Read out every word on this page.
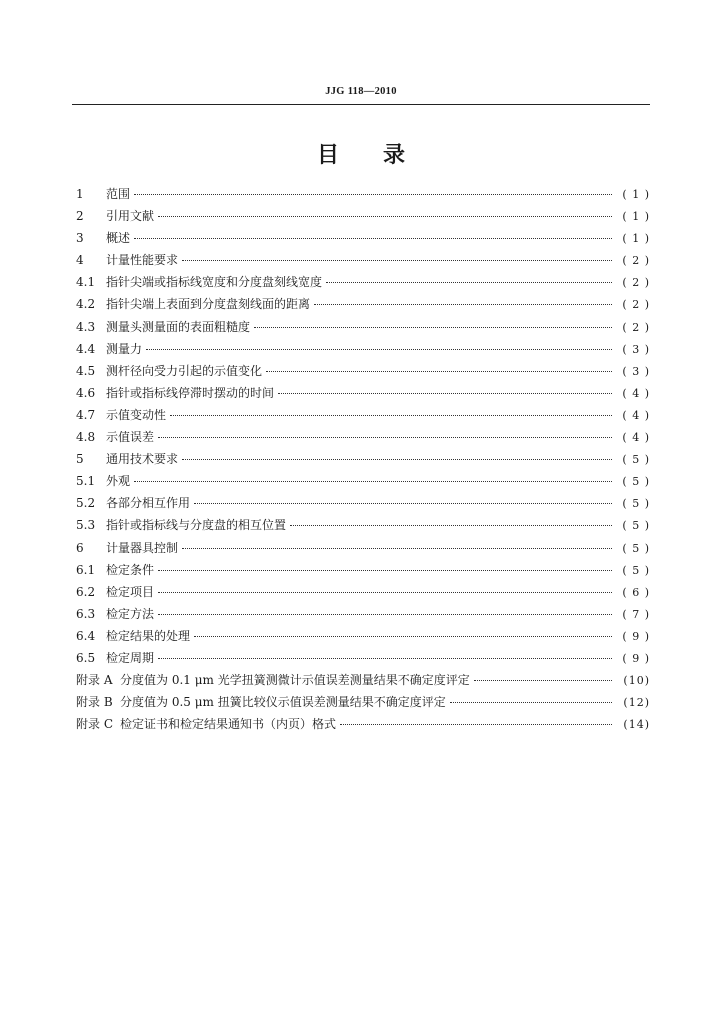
JJG 118—2010
目录
1	范围	( 1 )
2	引用文献	( 1 )
3	概述	( 1 )
4	计量性能要求	( 2 )
4.1 指针尖端或指标线宽度和分度盘刻线宽度	( 2 )
4.2 指针尖端上表面到分度盘刻线面的距离	( 2 )
4.3 测量头测量面的表面粗糙度	( 2 )
4.4 测量力	( 3 )
4.5 测杆径向受力引起的示值变化	( 3 )
4.6 指针或指标线停滞时摆动的时间	( 4 )
4.7 示值变动性	( 4 )
4.8 示值误差	( 4 )
5	通用技术要求	( 5 )
5.1 外观	( 5 )
5.2 各部分相互作用	( 5 )
5.3 指针或指标线与分度盘的相互位置	( 5 )
6	计量器具控制	( 5 )
6.1 检定条件	( 5 )
6.2 检定项目	( 6 )
6.3 检定方法	( 7 )
6.4 检定结果的处理	( 9 )
6.5 检定周期	( 9 )
附录 A 分度值为 0.1 μm 光学扭簧测微计示值误差测量结果不确定度评定	(10)
附录 B 分度值为 0.5 μm 扭簧比较仪示值误差测量结果不确定度评定	(12)
附录 C 检定证书和检定结果通知书（内页）格式	(14)
